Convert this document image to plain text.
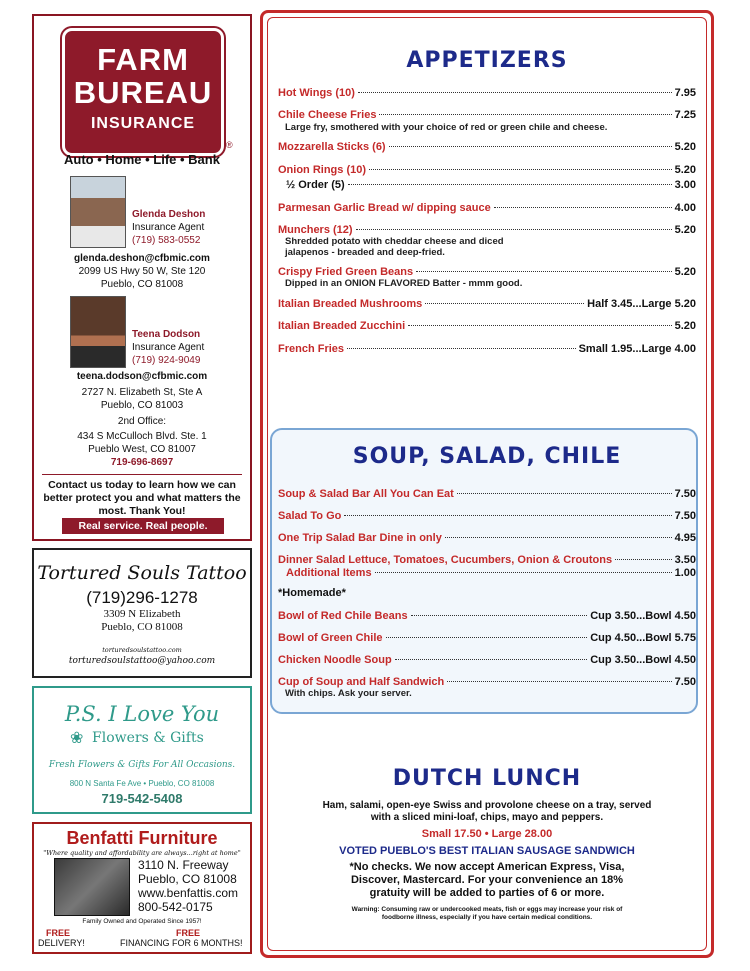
FARM
BUREAU
INSURANCE
®
Auto • Home • Life • Bank
Glenda Deshon
Insurance Agent
(719) 583-0552
glenda.deshon@cfbmic.com
2099 US Hwy 50 W, Ste 120
Pueblo, CO 81008
Teena Dodson
Insurance Agent
(719) 924-9049
teena.dodson@cfbmic.com
2727 N. Elizabeth St, Ste A
Pueblo, CO 81003
2nd Office:
434 S McCulloch Blvd. Ste. 1
Pueblo West, CO 81007
719-696-8697
Contact us today to learn how we can better protect you and what matters the most. Thank You!
Real service. Real people.
Tortured Souls Tattoo
(719)296-1278
3309 N Elizabeth
Pueblo, CO 81008
torturedsoulstattoo.com
torturedsoulstattoo@yahoo.com
P.S. I Love You
❀ Flowers & Gifts
Fresh Flowers & Gifts For All Occasions.
800 N Santa Fe Ave • Pueblo, CO 81008
719-542-5408
Benfatti Furniture
"Where quality and affordability are always...right at home"
3110 N. Freeway
Pueblo, CO 81008
www.benfattis.com
800-542-0175
Family Owned and Operated Since 1957!
FREE
DELIVERY!
FREE
FINANCING FOR 6 MONTHS!
APPETIZERS
Hot Wings (10)	7.95
Chile Cheese Fries	7.25
Large fry, smothered with your choice of red or green chile and cheese.
Mozzarella Sticks (6)	5.20
Onion Rings (10)	5.20
½ Order (5)	3.00
Parmesan Garlic Bread w/ dipping sauce	4.00
Munchers (12)	5.20
Shredded potato with cheddar cheese and diced
jalapenos - breaded and deep-fried.
Crispy Fried Green Beans	5.20
Dipped in an ONION FLAVORED Batter - mmm good.
Italian Breaded Mushrooms	Half 3.45...Large 5.20
Italian Breaded Zucchini	5.20
French Fries	Small 1.95...Large 4.00
SOUP, SALAD, CHILE
Soup & Salad Bar All You Can Eat	7.50
Salad To Go	7.50
One Trip Salad Bar Dine in only	4.95
Dinner Salad Lettuce, Tomatoes, Cucumbers, Onion & Croutons	3.50
Additional Items	1.00
*Homemade*
Bowl of Red Chile Beans	Cup 3.50...Bowl 4.50
Bowl of Green Chile	Cup 4.50...Bowl 5.75
Chicken Noodle Soup	Cup 3.50...Bowl 4.50
Cup of Soup and Half Sandwich	7.50
With chips. Ask your server.
DUTCH LUNCH
Ham, salami, open-eye Swiss and provolone cheese on a tray, served
with a sliced mini-loaf, chips, mayo and peppers.
Small 17.50 • Large 28.00
VOTED PUEBLO'S BEST ITALIAN SAUSAGE SANDWICH
*No checks. We now accept American Express, Visa,
Discover, Mastercard. For your convenience an 18%
gratuity will be added to parties of 6 or more.
Warning: Consuming raw or undercooked meats, fish or eggs may increase your risk of
foodborne illness, especially if you have certain medical conditions.
